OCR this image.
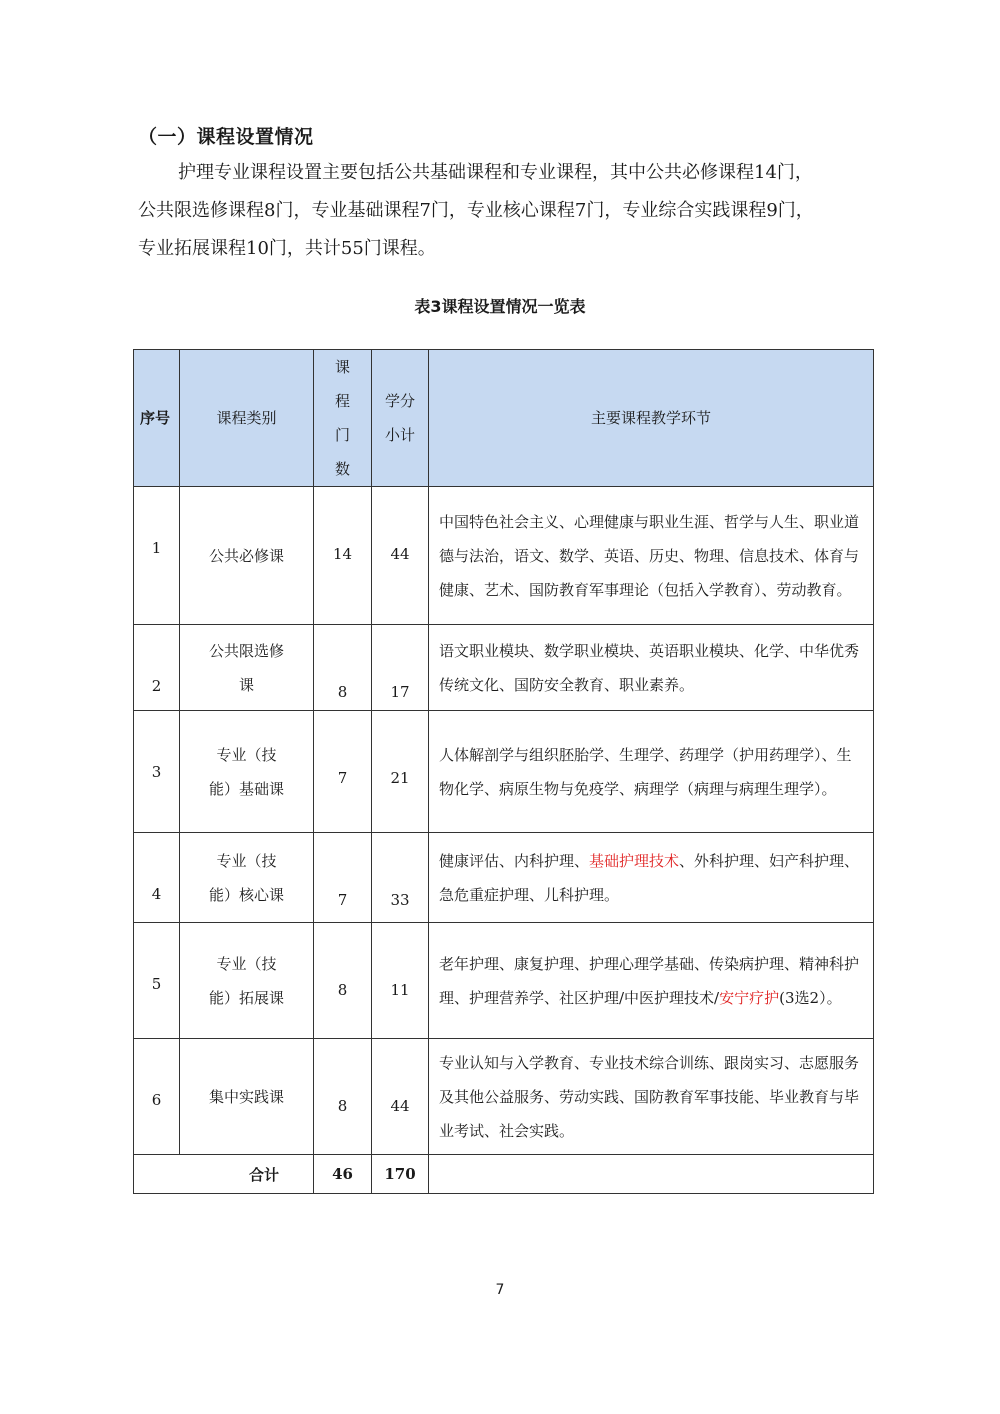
（一）课程设置情况
护理专业课程设置主要包括公共基础课程和专业课程，其中公共必修课程14门，
公共限选修课程8门，专业基础课程7门，专业核心课程7门，专业综合实践课程9门，
专业拓展课程10门，共计55门课程。
表3课程设置情况一览表
序号	课程类别	课程门数	学分小计	主要课程教学环节
1	公共必修课	14	44	中国特色社会主义、心理健康与职业生涯、哲学与人生、职业道德与法治，语文、数学、英语、历史、物理、信息技术、体育与健康、艺术、国防教育军事理论（包括入学教育）、劳动教育。
2	公共限选修课	8	17	语文职业模块、数学职业模块、英语职业模块、化学、中华优秀传统文化、国防安全教育、职业素养。
3	专业（技能）基础课	7	21	人体解剖学与组织胚胎学、生理学、药理学（护用药理学）、生物化学、病原生物与免疫学、病理学（病理与病理生理学）。
4	专业（技能）核心课	7	33	健康评估、内科护理、基础护理技术、外科护理、妇产科护理、急危重症护理、儿科护理。
5	专业（技能）拓展课	8	11	老年护理、康复护理、护理心理学基础、传染病护理、精神科护理、护理营养学、社区护理/中医护理技术/安宁疗护(3选2）。
6	集中实践课	8	44	专业认知与入学教育、专业技术综合训练、跟岗实习、志愿服务及其他公益服务、劳动实践、国防教育军事技能、毕业教育与毕业考试、社会实践。
合计		46	170	
7
